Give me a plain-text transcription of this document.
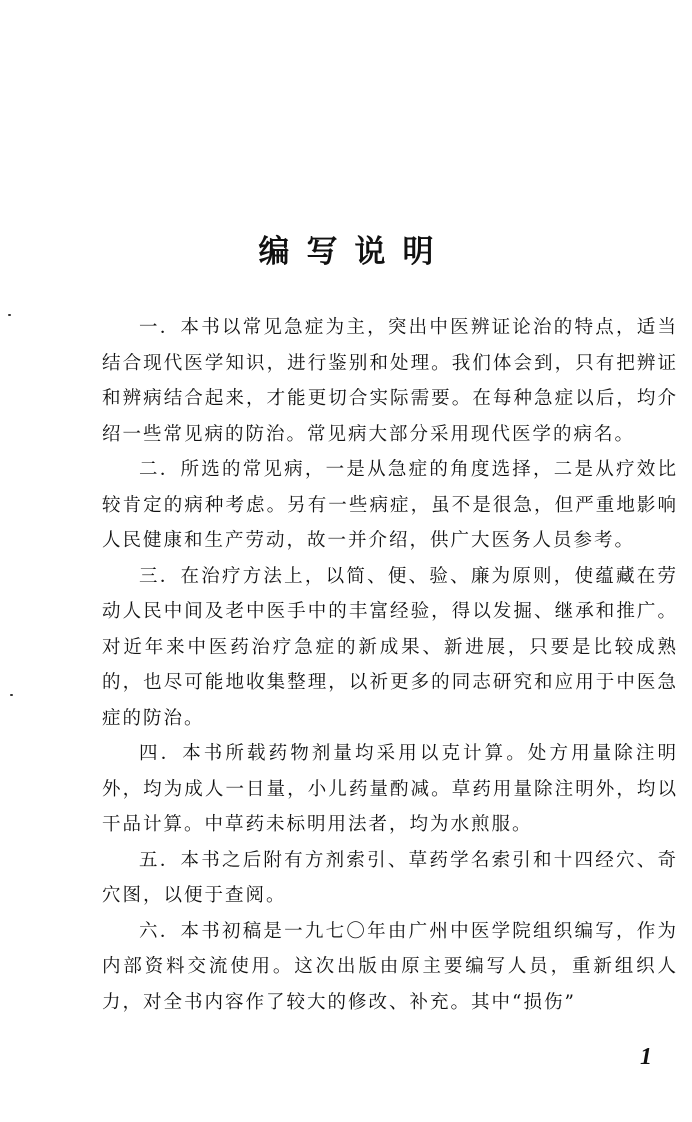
编写说明

一．本书以常见急症为主，突出中医辨证论治的特点，适当结合现代医学知识，进行鉴别和处理。我们体会到，只有把辨证和辨病结合起来，才能更切合实际需要。在每种急症以后，均介绍一些常见病的防治。常见病大部分采用现代医学的病名。

二．所选的常见病，一是从急症的角度选择，二是从疗效比较肯定的病种考虑。另有一些病症，虽不是很急，但严重地影响人民健康和生产劳动，故一并介绍，供广大医务人员参考。

三．在治疗方法上，以简、便、验、廉为原则，使蕴藏在劳动人民中间及老中医手中的丰富经验，得以发掘、继承和推广。对近年来中医药治疗急症的新成果、新进展，只要是比较成熟的，也尽可能地收集整理，以祈更多的同志研究和应用于中医急症的防治。

四．本书所载药物剂量均采用以克计算。处方用量除注明外，均为成人一日量，小儿药量酌减。草药用量除注明外，均以干品计算。中草药未标明用法者，均为水煎服。

五．本书之后附有方剂索引、草药学名索引和十四经穴、奇穴图，以便于查阅。

六．本书初稿是一九七〇年由广州中医学院组织编写，作为内部资料交流使用。这次出版由原主要编写人员，重新组织人力，对全书内容作了较大的修改、补充。其中“损伤”

1
